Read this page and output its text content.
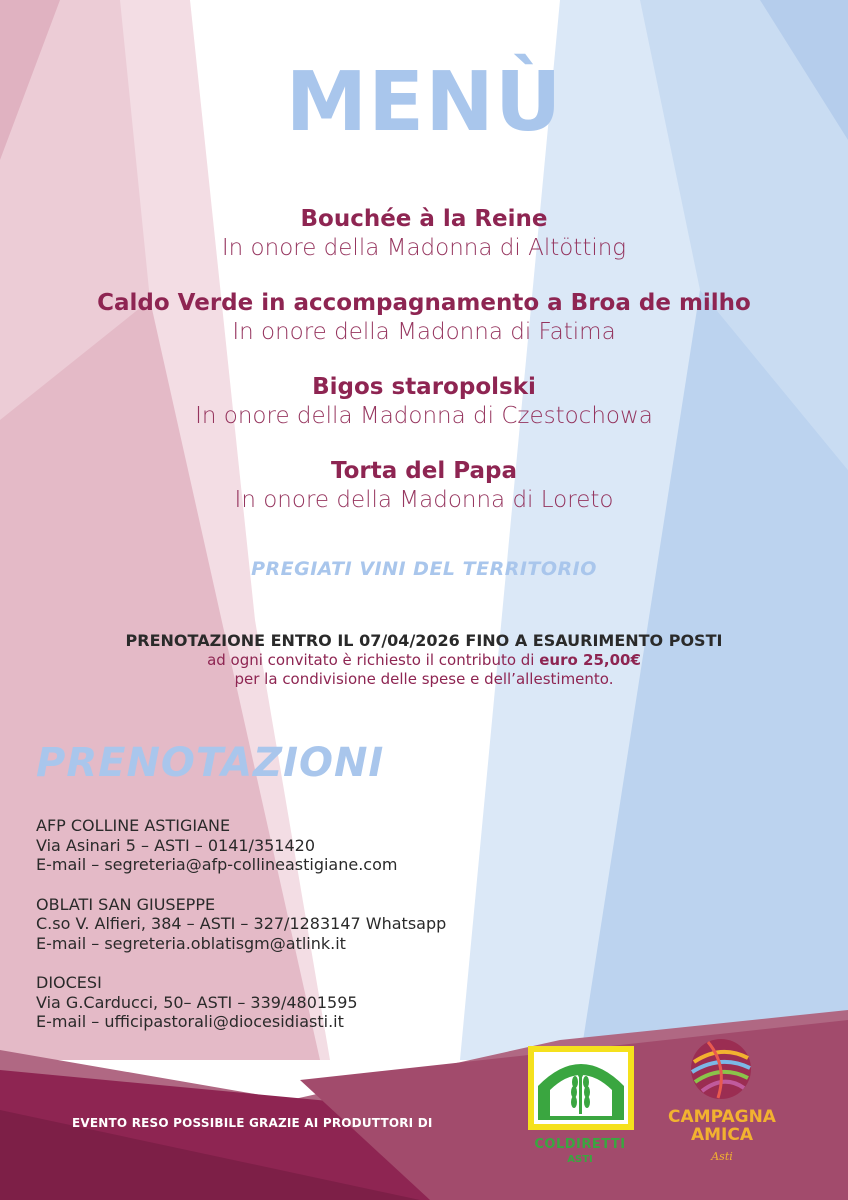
MENÙ
Bouchée à la Reine
In onore della Madonna di Altötting
Caldo Verde in accompagnamento a Broa de milho
In onore della Madonna di Fatima
Bigos staropolski
In onore della Madonna di Czestochowa
Torta del Papa
In onore della Madonna di Loreto
PREGIATI VINI DEL TERRITORIO
PRENOTAZIONE ENTRO IL 07/04/2026 FINO A ESAURIMENTO POSTI
ad ogni convitato è richiesto il contributo di euro 25,00€
per la condivisione delle spese e dell’allestimento.
PRENOTAZIONI
AFP COLLINE ASTIGIANE
Via Asinari 5 – ASTI – 0141/351420
E-mail – segreteria@afp-collineastigiane.com
OBLATI SAN GIUSEPPE
C.so V. Alfieri, 384 – ASTI – 327/1283147 Whatsapp
E-mail – segreteria.oblatisgm@atlink.it
DIOCESI
Via G.Carducci, 50– ASTI – 339/4801595
E-mail – ufficipastorali@diocesidiasti.it
EVENTO RESO POSSIBILE GRAZIE AI PRODUTTORI DI
COLDIRETTI
ASTI
CAMPAGNA
AMICA
Asti
